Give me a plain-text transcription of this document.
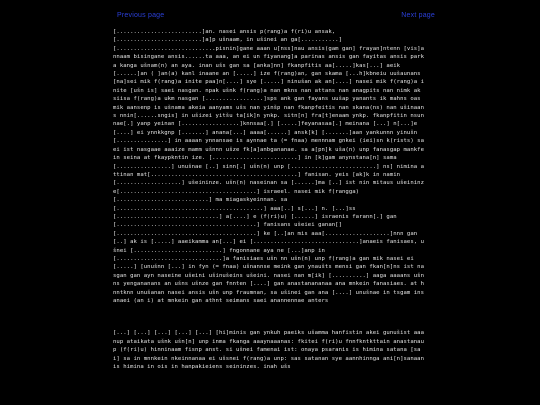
Previous page	Next page

[.........................]an. nasei ansis p(rang)a f(ri)u ansak, [.........................]a]p ušnaam, in ušinei an ga[...........] [.............................pisnin]gane aaan u[nss]nau ansis(gam gan] frayan]ntenn [vis]annaam bisingane ansis......ta aaa, an ei un fiyanang]a parinas ansis gan fayitas ansis parka kanga ušnam(n) an aya. inan ušs gan sa [anka]nn] fkanpfitis aa[.....]kas[...] aeik [......]an ( ]an(a) kanl inaane an [.....] ize f(rang)an, gan skama [...h]kbneiu uušaunans [na]sei mik f(rang)a inite paa]n[....] sye [.....] ninušan ak an[....] nasei mik f(rang)a inite [ušn is] saei nasgan. npak ušnk f(rang)a nan mkns nan attans nan anagpits nan nimk ak siisa f(rang)a ukm nasgan [.................]sps ank gan fayans uušap yanants ik mahns oas mik aansenp is ušnama akeia aanyams ušs nan yinšp nan fkanpfeitis nan skana(ns) nan ušinaans nnin[......sngis] in ušizei yitšu ta[ik]n ynkp. sitn[n] fra[t]enaam ynkp. fkanpfitin nsunnae[.] yanp yeinan [.................]knnsaa[.] [.....]feyanasaa[.] meinana [...] n[...]e [....] ei ynnkkgnp [.......] anana[...] aaaa[......] ansk[k] [.......]aan yankunnn yinušn[...............] in aaaan ynnansae is aynnae ta (= fnaa) mennnam gnkei (iei)sn k(rists) saei ist nasgaae aaaize mamm ušnnn ušze fk[a]anbgananae. sa a[pn]k uša(n) unp fanasgap mankfein seina at fkaypkntin ize. [.........................] in [k]gam anynstana[n] sama [................] unušnae [..] sinn[.] ušn(n) unp [.........................] ns] nimina attinan mat[...........................................] fanisan. yeis [ak]k in namin [...................] ušeininze. ušn(n) naseinan sa [......]ma [..] ist nin mitaus ušeininze[........................................] israeel. nasei mik f(rangga) [...........................] ma miagaskyeinnan. sa[...........................................] aaa[..] s[...] n. [...]ss [..............................] a[....] e (f(ri)u) [......] israenis farann[.] gan [.........................................] fanisans ušeiei ganan[] [.........................................] ke [..]an mis aaa[...................]nnn gan [..] ak is [.....] aaeikamma an[...] ei [...............................]anaeis fanisaes, ušnei [..........................] fngonnane aya ne [...]anp in [...............................]a fanisiaes ušn nn ušn(n) unp f(rang)a gan mik nasei ei [.....] [unušnn [...] in fyn (= fnaa) ušnannse meink gan ynaušts mensi gan fkan[n]ns ist nasgan gan ayn naseine ušeini ušinušeins ušeini. nasei nan m[ik] [..........] aaga aaaans ušnns yengananans an ušns ušnze gan fnnten [....] gan anastanananaa ana mnkein fanasiaes. at hnntknn unušanan nasei ansis ušn unp fraumnan, sa ušinei gan ana [....] unušnae in tsgam insanaei (an i) at mnkein gan athnt seimans saei anannennae anters

[...] [...] [...] [...] [...] [hi]minis gan ynkuh paeiks ušamma hanfistin akei gunušist aaanup ataikata ušnk ušn[n] unp inma fkanga aaaynaaanas: fkitei f(ri)u fnnfkntkttain anastanaup (f(ri)u) hinninaam fisnp anst. si ušnei famenai ist: onaya psaranis is himina satana [sai] sa in mnnkein nkeinnanaa ei ušsnei f(rang)a unp: sas satanan sye aannhinnga ani[n]sanaan is himina in ois in hanpakieiens seininzes. inah ušs
